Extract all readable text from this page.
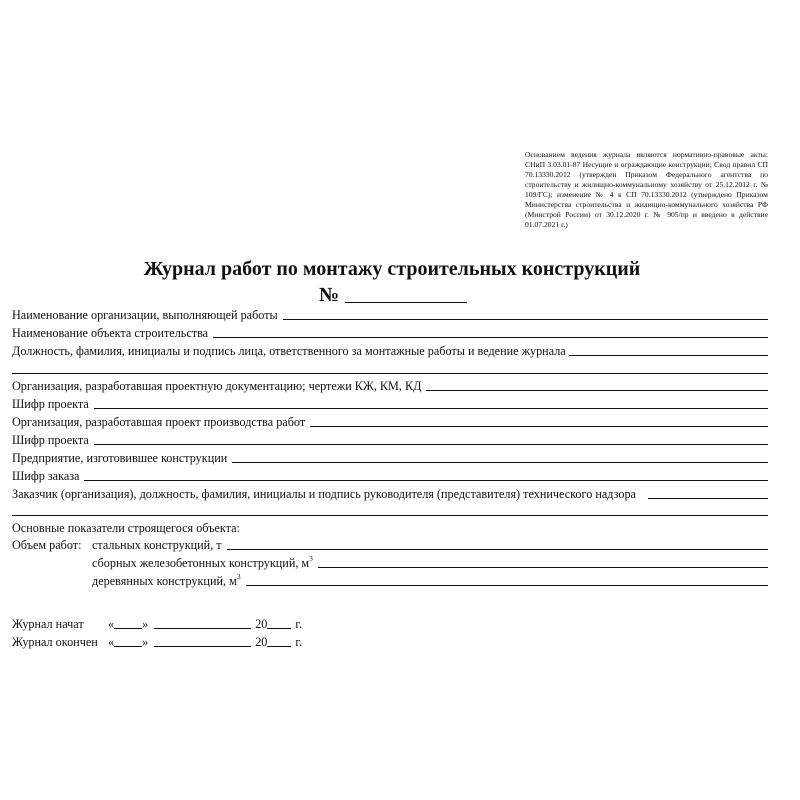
Основанием ведения журнала являются нормативно-правовые акты: СНиП 3.03.01-87 Несущие и ограждающие конструкции; Свод правил СП 70.13330.2012 (утвержден Приказом Федерального агентства по строительству и жилищно-коммунальному хозяйству от 25.12.2012 г. № 109/ГС); изменение № 4 к СП 70.13330.2012 (утверждено Приказом Министерства строительства и жилищно-коммунального хозяйства РФ (Минстрой России) от 30.12.2020 г. № 905/пр и введено в действие 01.07.2021 г.)
Журнал работ по монтажу строительных конструкций
№
Наименование организации, выполняющей работы
Наименование объекта строительства
Должность, фамилия, инициалы и подпись лица, ответственного за монтажные работы и ведение журнала
Организация, разработавшая проектную документацию; чертежи КЖ, КМ, КД
Шифр проекта
Организация, разработавшая проект производства работ
Шифр проекта
Предприятие, изготовившее конструкции
Шифр заказа
Заказчик (организация), должность, фамилия, инициалы и подпись руководителя (представителя) технического надзора
Основные показатели строящегося объекта:
Объем работ: стальных конструкций, т
сборных железобетонных конструкций, $м^3$
деревянных конструкций, $м^3$
Журнал начат	« »	20 г.
Журнал окончен « »	20 г.
